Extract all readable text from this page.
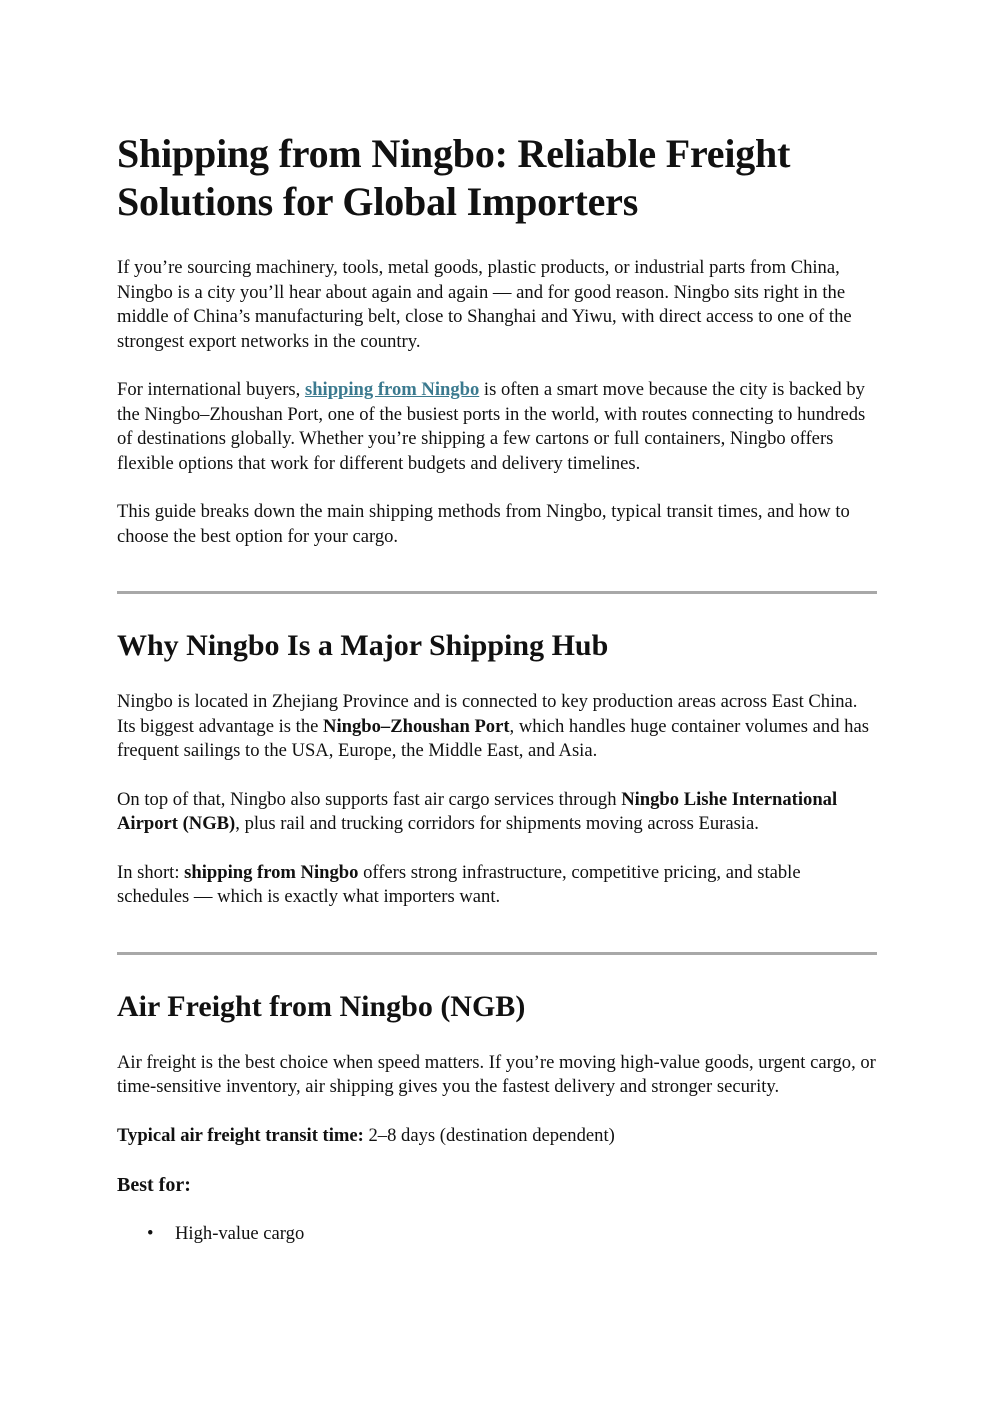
Shipping from Ningbo: Reliable Freight Solutions for Global Importers

If you’re sourcing machinery, tools, metal goods, plastic products, or industrial parts from China, Ningbo is a city you’ll hear about again and again — and for good reason. Ningbo sits right in the middle of China’s manufacturing belt, close to Shanghai and Yiwu, with direct access to one of the strongest export networks in the country.

For international buyers, shipping from Ningbo is often a smart move because the city is backed by the Ningbo–Zhoushan Port, one of the busiest ports in the world, with routes connecting to hundreds of destinations globally. Whether you’re shipping a few cartons or full containers, Ningbo offers flexible options that work for different budgets and delivery timelines.

This guide breaks down the main shipping methods from Ningbo, typical transit times, and how to choose the best option for your cargo.

Why Ningbo Is a Major Shipping Hub

Ningbo is located in Zhejiang Province and is connected to key production areas across East China. Its biggest advantage is the Ningbo–Zhoushan Port, which handles huge container volumes and has frequent sailings to the USA, Europe, the Middle East, and Asia.

On top of that, Ningbo also supports fast air cargo services through Ningbo Lishe International Airport (NGB), plus rail and trucking corridors for shipments moving across Eurasia.

In short: shipping from Ningbo offers strong infrastructure, competitive pricing, and stable schedules — which is exactly what importers want.

Air Freight from Ningbo (NGB)

Air freight is the best choice when speed matters. If you’re moving high-value goods, urgent cargo, or time-sensitive inventory, air shipping gives you the fastest delivery and stronger security.

Typical air freight transit time: 2–8 days (destination dependent)

Best for:
• High-value cargo
